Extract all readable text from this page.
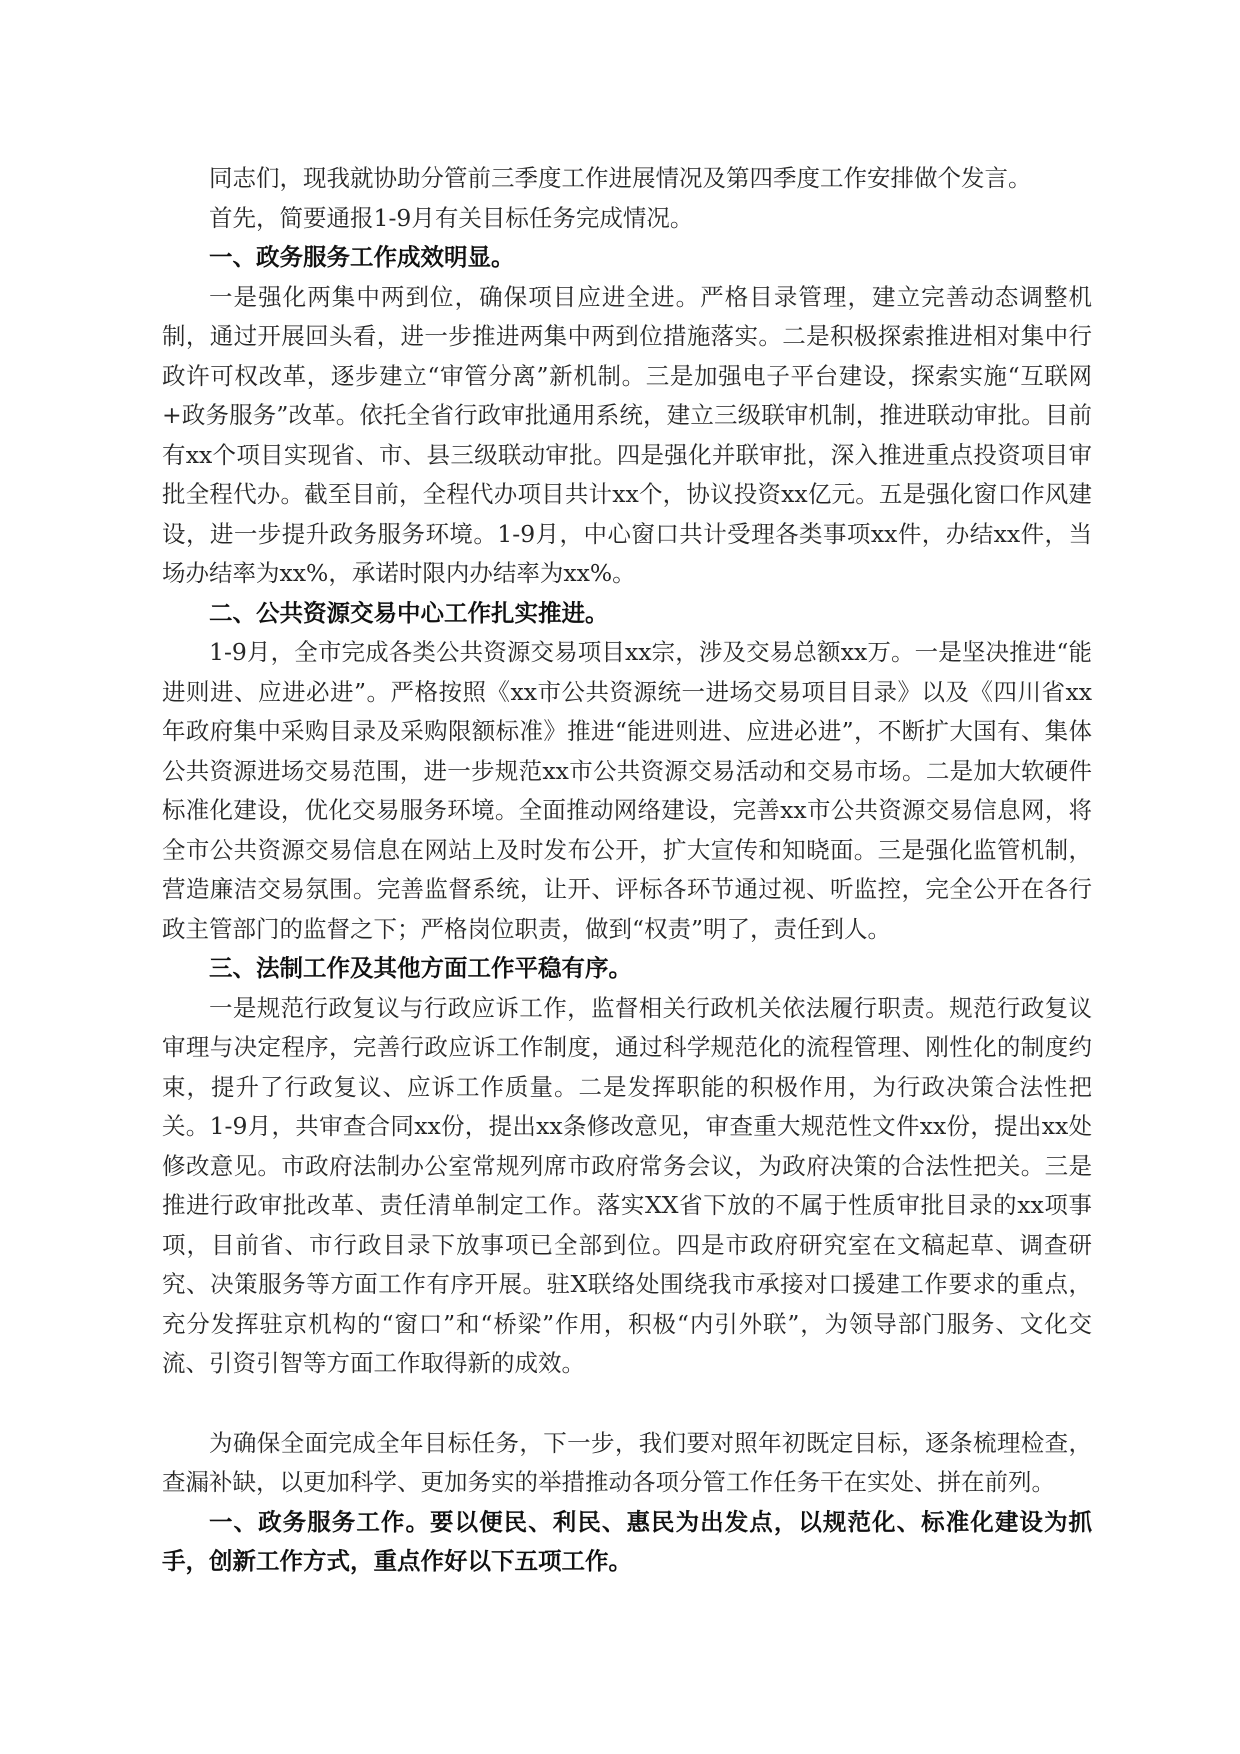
同志们，现我就协助分管前三季度工作进展情况及第四季度工作安排做个发言。

首先，简要通报1-9月有关目标任务完成情况。

一、政务服务工作成效明显。

一是强化两集中两到位，确保项目应进全进。严格目录管理，建立完善动态调整机制，通过开展回头看，进一步推进两集中两到位措施落实。二是积极探索推进相对集中行政许可权改革，逐步建立“审管分离”新机制。三是加强电子平台建设，探索实施“互联网+政务服务”改革。依托全省行政审批通用系统，建立三级联审机制，推进联动审批。目前有xx个项目实现省、市、县三级联动审批。四是强化并联审批，深入推进重点投资项目审批全程代办。截至目前，全程代办项目共计xx个，协议投资xx亿元。五是强化窗口作风建设，进一步提升政务服务环境。1-9月，中心窗口共计受理各类事项xx件，办结xx件，当场办结率为xx%，承诺时限内办结率为xx%。

二、公共资源交易中心工作扎实推进。

1-9月，全市完成各类公共资源交易项目xx宗，涉及交易总额xx万。一是坚决推进“能进则进、应进必进”。严格按照《xx市公共资源统一进场交易项目目录》以及《四川省xx年政府集中采购目录及采购限额标准》推进“能进则进、应进必进”，不断扩大国有、集体公共资源进场交易范围，进一步规范xx市公共资源交易活动和交易市场。二是加大软硬件标准化建设，优化交易服务环境。全面推动网络建设，完善xx市公共资源交易信息网，将全市公共资源交易信息在网站上及时发布公开，扩大宣传和知晓面。三是强化监管机制，营造廉洁交易氛围。完善监督系统，让开、评标各环节通过视、听监控，完全公开在各行政主管部门的监督之下；严格岗位职责，做到“权责”明了，责任到人。

三、法制工作及其他方面工作平稳有序。

一是规范行政复议与行政应诉工作，监督相关行政机关依法履行职责。规范行政复议审理与决定程序，完善行政应诉工作制度，通过科学规范化的流程管理、刚性化的制度约束，提升了行政复议、应诉工作质量。二是发挥职能的积极作用，为行政决策合法性把关。1-9月，共审查合同xx份，提出xx条修改意见，审查重大规范性文件xx份，提出xx处修改意见。市政府法制办公室常规列席市政府常务会议，为政府决策的合法性把关。三是推进行政审批改革、责任清单制定工作。落实XX省下放的不属于性质审批目录的xx项事项，目前省、市行政目录下放事项已全部到位。四是市政府研究室在文稿起草、调查研究、决策服务等方面工作有序开展。驻X联络处围绕我市承接对口援建工作要求的重点，充分发挥驻京机构的“窗口”和“桥梁”作用，积极“内引外联”，为领导部门服务、文化交流、引资引智等方面工作取得新的成效。

为确保全面完成全年目标任务，下一步，我们要对照年初既定目标，逐条梳理检查，查漏补缺，以更加科学、更加务实的举措推动各项分管工作任务干在实处、拼在前列。

一、政务服务工作。要以便民、利民、惠民为出发点，以规范化、标准化建设为抓手，创新工作方式，重点作好以下五项工作。
